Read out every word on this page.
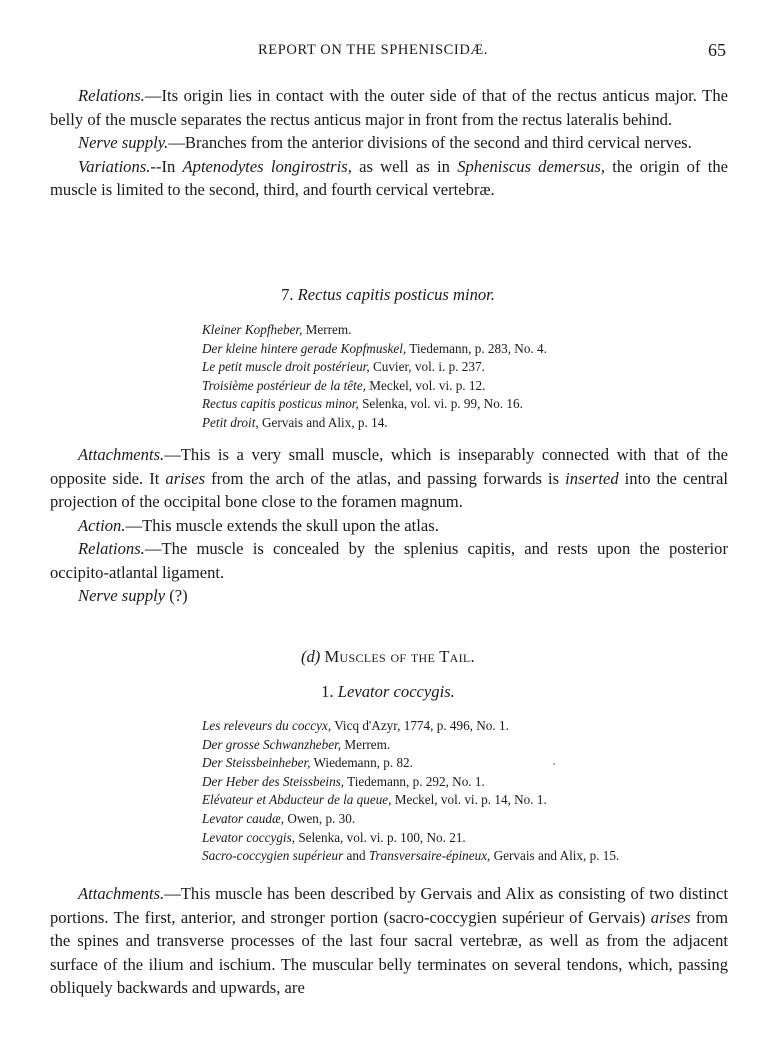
REPORT ON THE SPHENISCIDÆ.	65

Relations.—Its origin lies in contact with the outer side of that of the rectus anticus major. The belly of the muscle separates the rectus anticus major in front from the rectus lateralis behind.

Nerve supply.—Branches from the anterior divisions of the second and third cervical nerves.

Variations.--In Aptenodytes longirostris, as well as in Spheniscus demersus, the origin of the muscle is limited to the second, third, and fourth cervical vertebræ.

7. Rectus capitis posticus minor.
Kleiner Kopfheber, Merrem.
Der kleine hintere gerade Kopfmuskel, Tiedemann, p. 283, No. 4.
Le petit muscle droit postérieur, Cuvier, vol. i. p. 237.
Troisième postérieur de la tête, Meckel, vol. vi. p. 12.
Rectus capitis posticus minor, Selenka, vol. vi. p. 99, No. 16.
Petit droit, Gervais and Alix, p. 14.

Attachments.—This is a very small muscle, which is inseparably connected with that of the opposite side. It arises from the arch of the atlas, and passing forwards is inserted into the central projection of the occipital bone close to the foramen magnum.

Action.—This muscle extends the skull upon the atlas.

Relations.—The muscle is concealed by the splenius capitis, and rests upon the posterior occipito-atlantal ligament.

Nerve supply (?)

(d) Muscles of the Tail.
1. Levator coccygis.
Les releveurs du coccyx, Vicq d'Azyr, 1774, p. 496, No. 1.
Der grosse Schwanzheber, Merrem.
Der Steissbeinheber, Wiedemann, p. 82.
Der Heber des Steissbeins, Tiedemann, p. 292, No. 1.
Elévateur et Abducteur de la queue, Meckel, vol. vi. p. 14, No. 1.
Levator caudæ, Owen, p. 30.
Levator coccygis, Selenka, vol. vi. p. 100, No. 21.
Sacro-coccygien supérieur and Transversaire-épineux, Gervais and Alix, p. 15.

Attachments.—This muscle has been described by Gervais and Alix as consisting of two distinct portions. The first, anterior, and stronger portion (sacro-coccygien supérieur of Gervais) arises from the spines and transverse processes of the last four sacral vertebræ, as well as from the adjacent surface of the ilium and ischium. The muscular belly terminates on several tendons, which, passing obliquely backwards and upwards, are
